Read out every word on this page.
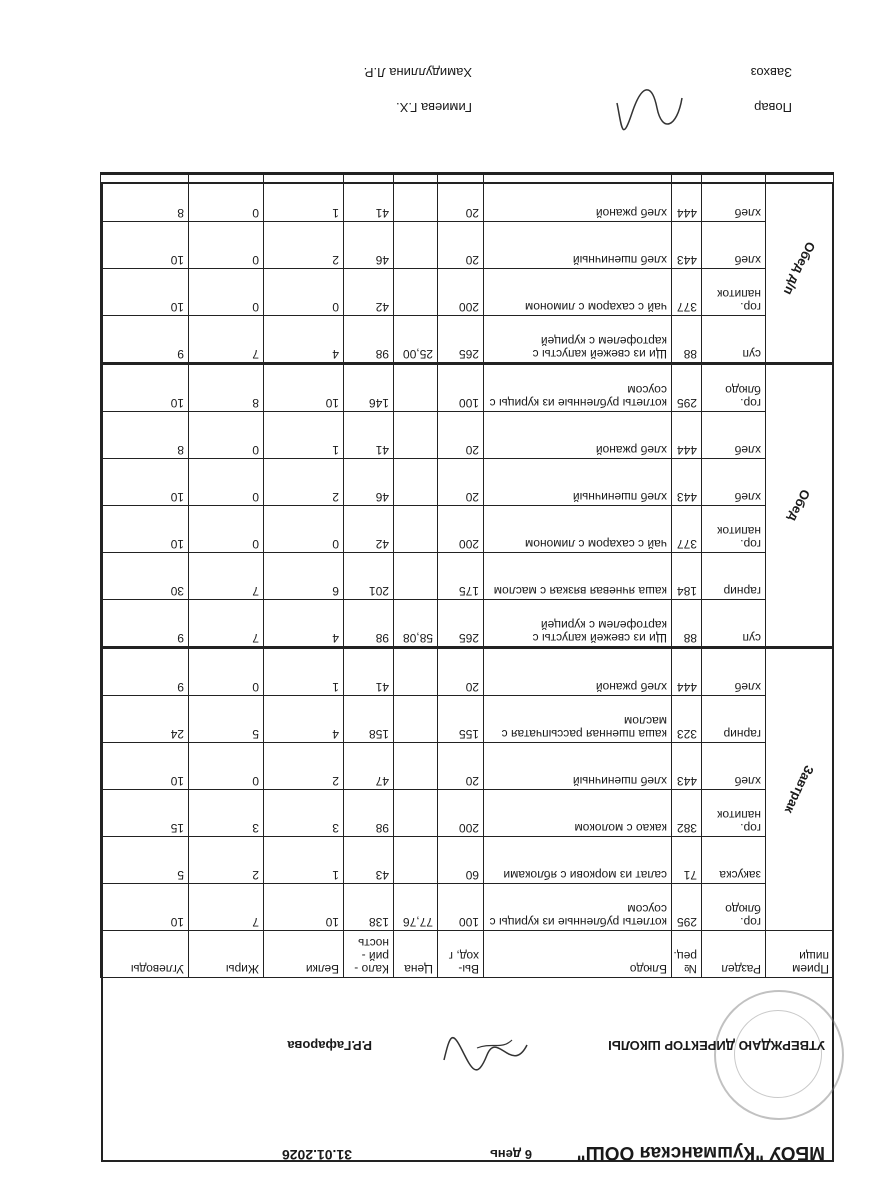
МБОУ "Кушманская ООШ"
6 день
31.01.2026
УТВЕРЖДАЮ ДИРЕКТОР ШКОЛЫ
Р.Р.Гафарова
Прием пищи	Раздел	№ рец.	Блюдо	Вы-ход, г	Цена	Кало - рий - ность	Белки	Жиры	Углеводы
Завтрак	гор. блюдо	295	котлеты рубленные из курицы с соусом	100	77,76	138	10	7	10
	закуска	71	салат из моркови с яблоками	60		43	1	2	5
	гор. напиток	382	какао с молоком	200		98	3	3	15
	хлеб	443	хлеб пшеничный	20		47	2	0	10
	гарнир	323	каша пшенная рассыпчатая с маслом	155		158	4	5	24
	хлеб	444	хлеб ржаной	20		41	1	0	9
Обед	суп	88	Щи из свежей капусты с картофелем с курицей	265	58,08	98	4	7	9
	гарнир	184	каша ячневая вязкая с маслом	175		201	6	7	30
	гор. напиток	377	чай с сахаром с лимоном	200		42	0	0	10
	хлеб	443	хлеб пшеничный	20		46	2	0	10
	хлеб	444	хлеб ржаной	20		41	1	0	8
	гор. блюдо	295	котлеты рубленные из курицы с соусом	100		146	10	8	10
Обед д/п	суп	88	Щи из свежей капусты с картофелем с курицей	265	25,00	98	4	7	9
	гор. напиток	377	чай с сахаром с лимоном	200		42	0	0	10
	хлеб	443	хлеб пшеничный	20		46	2	0	10
	хлеб	444	хлеб ржаной	20		41	1	0	8
Повар
Гимиева Г.Х.
Завхоз
Хамидуллина Л.Р.
